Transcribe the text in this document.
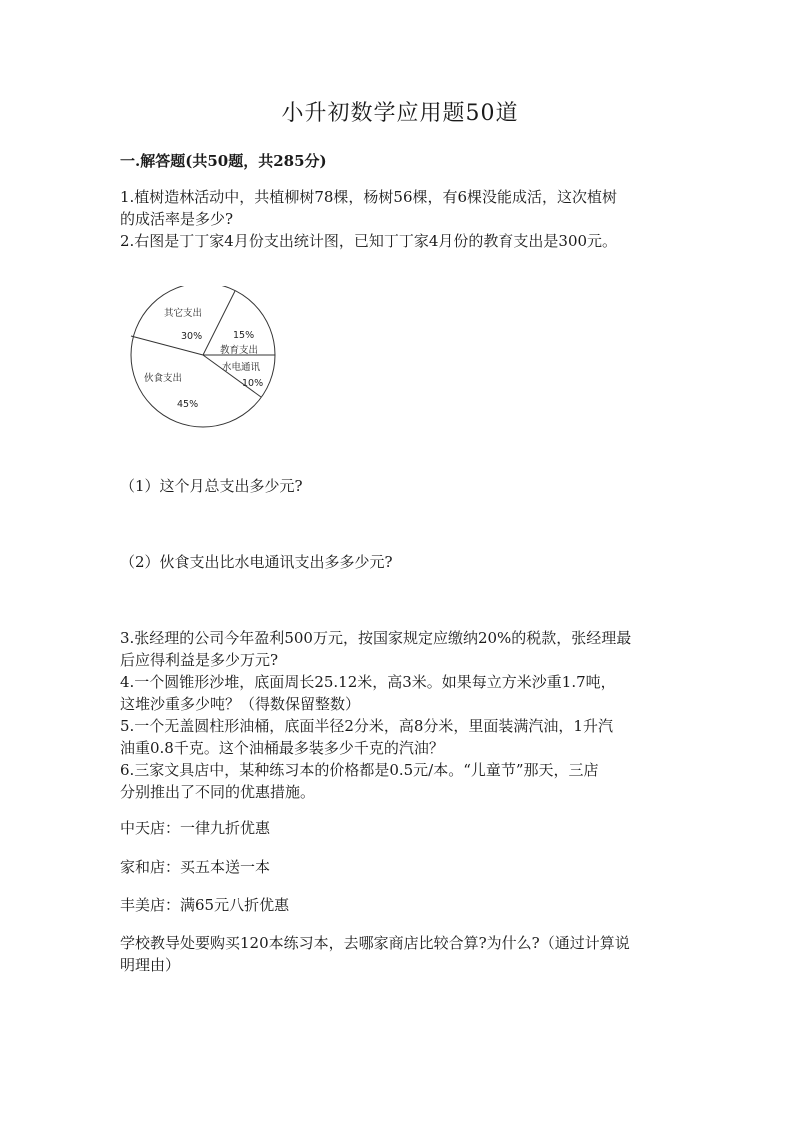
小升初数学应用题50道
一.解答题(共50题，共285分)

1.植树造林活动中，共植柳树78棵，杨树56棵，有6棵没能成活，这次植树
的成活率是多少?

2.右图是丁丁家4月份支出统计图，已知丁丁家4月份的教育支出是300元。

其它支出
30%	15%
教育支出
水电通讯
10%
伙食支出
45%
（1）这个月总支出多少元?
（2）伙食支出比水电通讯支出多多少元?

3.张经理的公司今年盈利500万元，按国家规定应缴纳20%的税款，张经理最
后应得利益是多少万元?
4.一个圆锥形沙堆，底面周长25.12米，高3米。如果每立方米沙重1.7吨，
这堆沙重多少吨？（得数保留整数）
5.一个无盖圆柱形油桶，底面半径2分米，高8分米，里面装满汽油，1升汽
油重0.8千克。这个油桶最多装多少千克的汽油？
6.三家文具店中，某种练习本的价格都是0.5元/本。“儿童节”那天，三店
分别推出了不同的优惠措施。

中天店：一律九折优惠
家和店：买五本送一本
丰美店：满65元八折优惠

学校教导处要购买120本练习本，去哪家商店比较合算?为什么?（通过计算说
明理由）
